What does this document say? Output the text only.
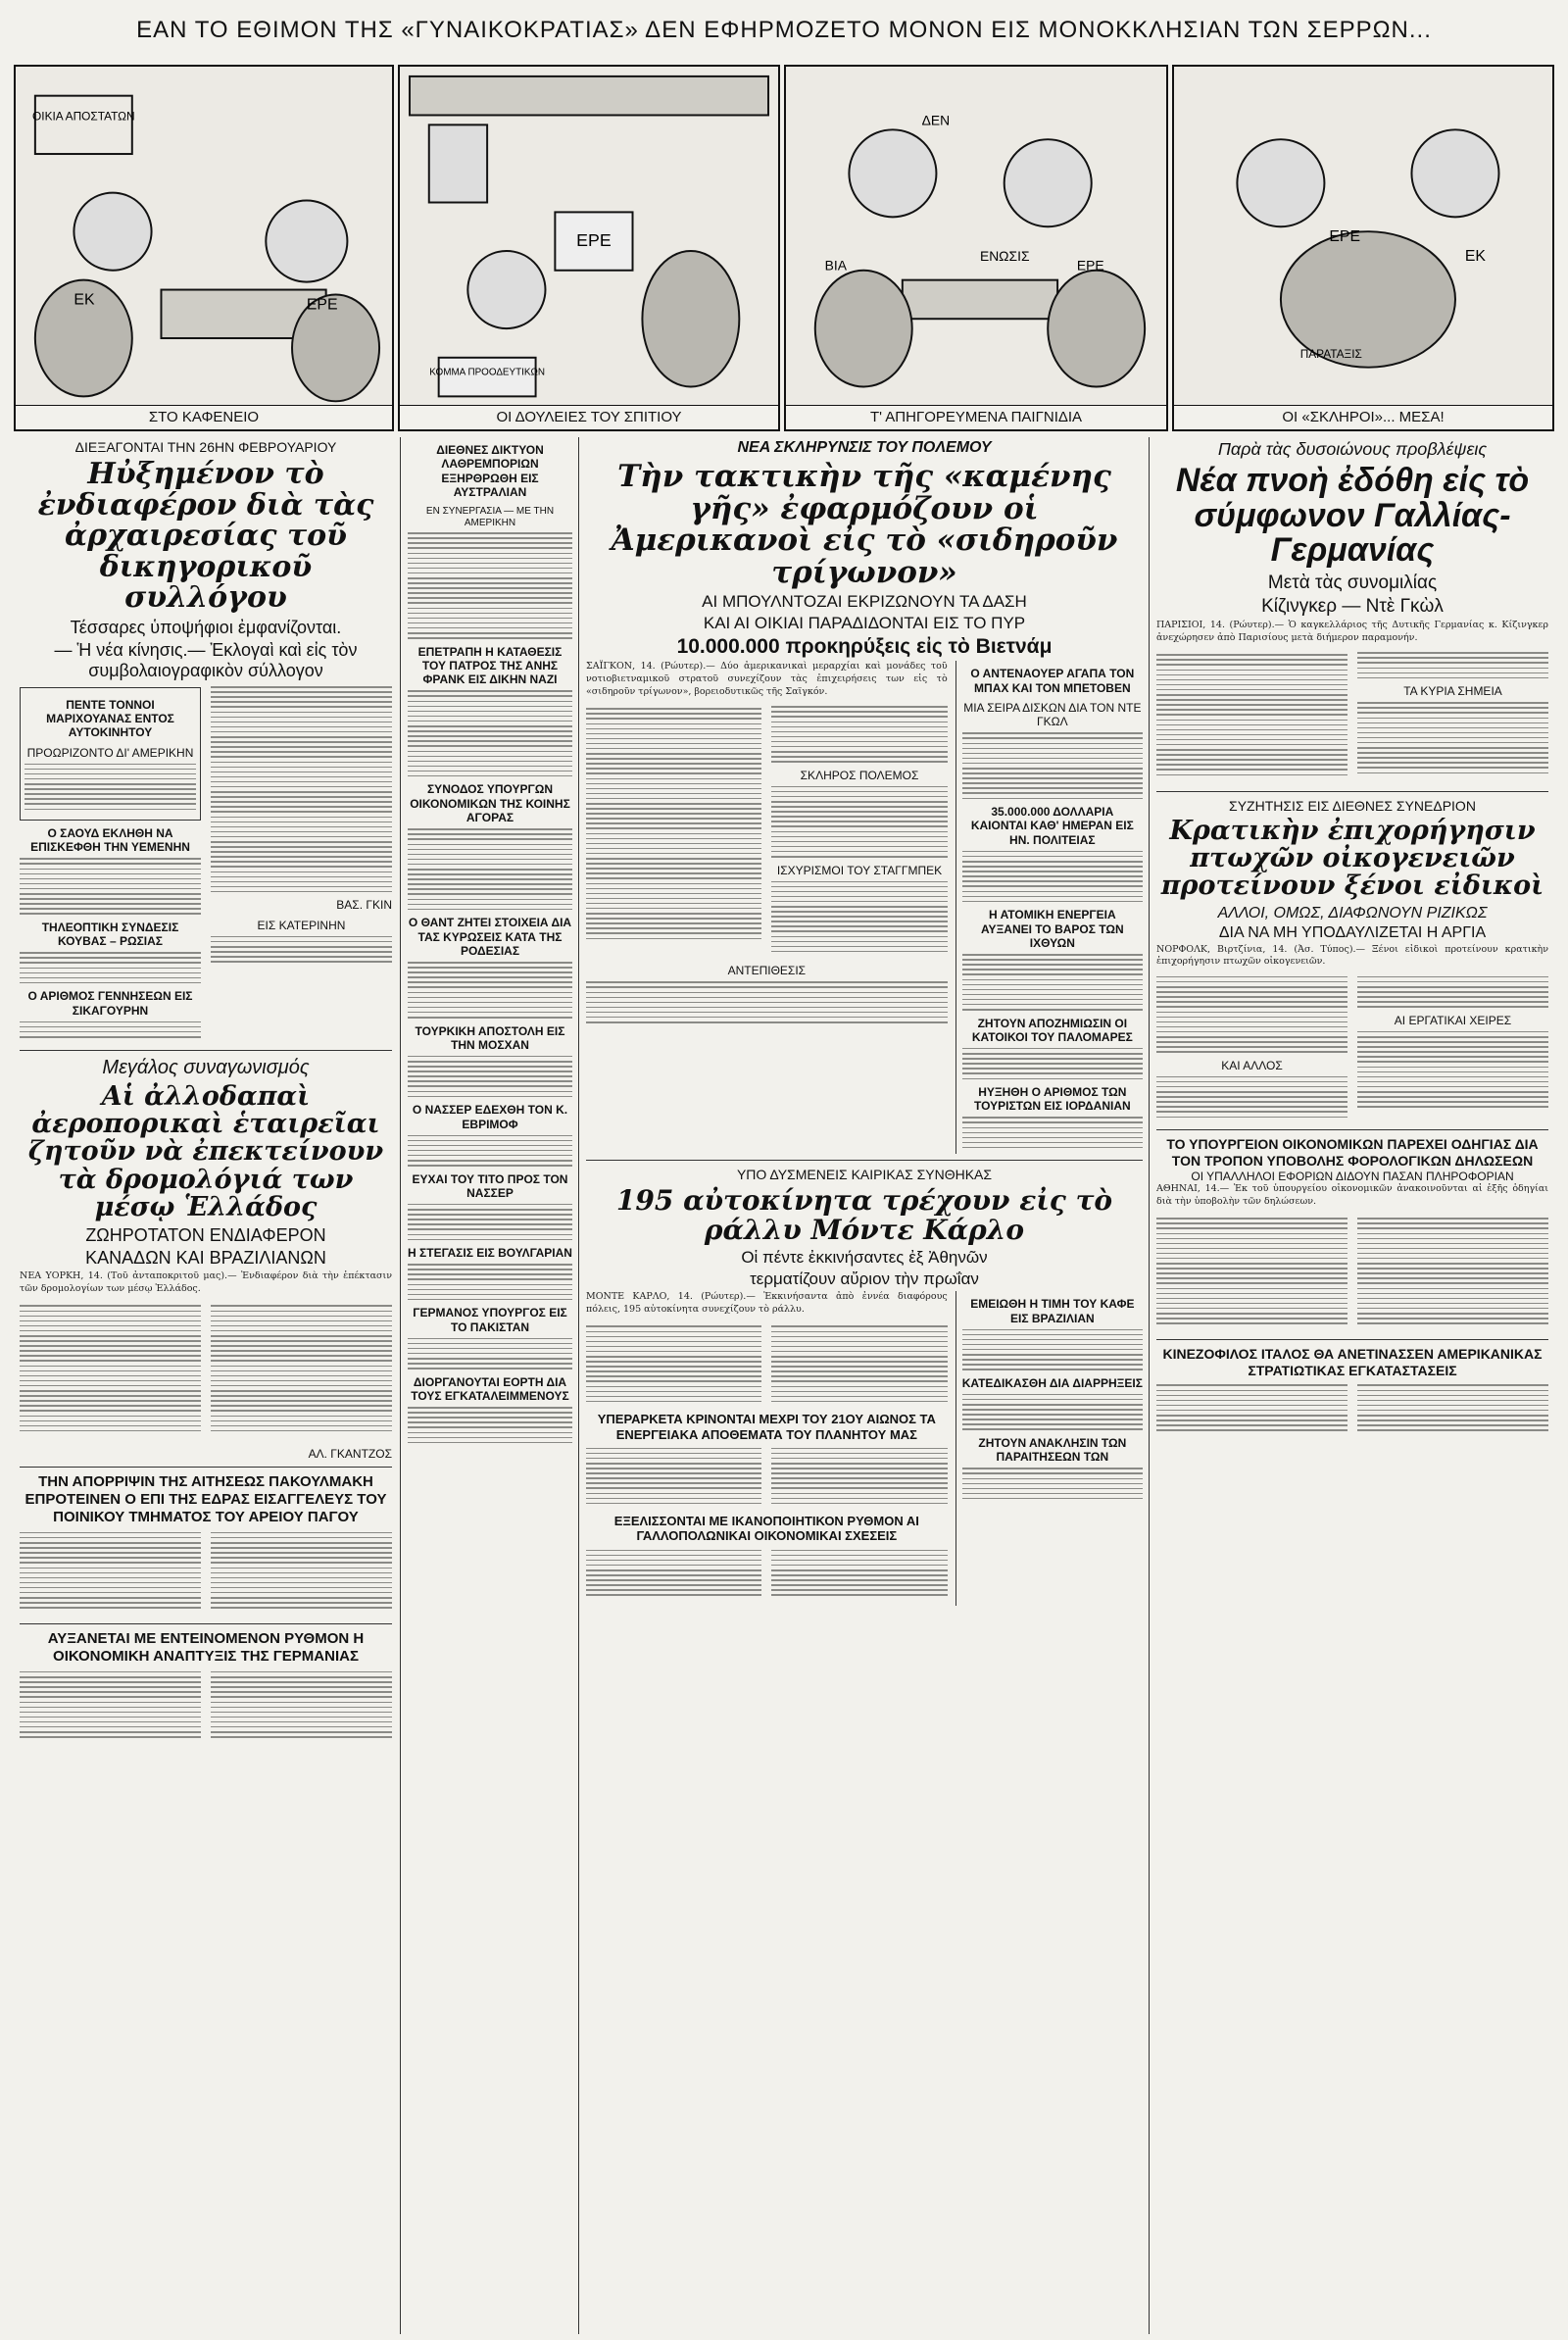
ΕΑΝ ΤΟ ΕΘΙΜΟΝ ΤΗΣ «ΓΥΝΑΙΚΟΚΡΑΤΙΑΣ» ΔΕΝ ΕΦΗΡΜΟΖΕΤΟ ΜΟΝΟΝ ΕΙΣ ΜΟΝΟΚΚΛΗΣΙΑΝ ΤΩΝ ΣΕΡΡΩΝ...
ΟΙΚΙΑ ΑΠΟΣΤΑΤΩΝ
ΕΚ	ΕΡΕ
ΣΤΟ ΚΑΦΕΝΕΙΟ
ΕΡΕ
ΚΟΜΜΑ ΠΡΟΟΔΕΥΤΙΚΩΝ
ΟΙ ΔΟΥΛΕΙΕΣ ΤΟΥ ΣΠΙΤΙΟΥ
ΔΕΝ
ΕΝΩΣΙΣ
ΕΡΕ
ΒΙΑ
Τ' ΑΠΗΓΟΡΕΥΜΕΝΑ ΠΑΙΓΝΙΔΙΑ
ΕΡΕ
ΕΚ
ΠΑΡΑΤΑΞΙΣ
ΟΙ «ΣΚΛΗΡΟΙ»... ΜΕΣΑ!
ΔΙΕΞΑΓΟΝΤΑΙ ΤΗΝ 26ΗΝ ΦΕΒΡΟΥΑΡΙΟΥ
Ηὐξημένον τὸ ἐνδιαφέρον διὰ τὰς ἀρχαιρεσίας τοῦ δικηγορικοῦ συλλόγου
Τέσσαρες ὑποψήφιοι ἐμφανίζονται.
— Ἡ νέα κίνησις.— Ἐκλογαὶ καὶ εἰς τὸν συμβολαιογραφικὸν σύλλογον
ΠΕΝΤΕ ΤΟΝΝΟΙ ΜΑΡΙΧΟΥΑΝΑΣ ΕΝΤΟΣ ΑΥΤΟΚΙΝΗΤΟΥ
ΠΡΟΩΡΙΖΟΝΤΟ ΔΙ' ΑΜΕΡΙΚΗΝ
Ο ΣΑΟΥΔ ΕΚΛΗΘΗ ΝΑ ΕΠΙΣΚΕΦΘΗ ΤΗΝ ΥΕΜΕΝΗΝ
ΤΗΛΕΟΠΤΙΚΗ ΣΥΝΔΕΣΙΣ ΚΟΥΒΑΣ – ΡΩΣΙΑΣ
Ο ΑΡΙΘΜΟΣ ΓΕΝΝΗΣΕΩΝ ΕΙΣ ΣΙΚΑΓΟΥΡΗΝ
ΒΑΣ. ΓΚΙΝ
ΕΙΣ ΚΑΤΕΡΙΝΗΝ
Μεγάλος συναγωνισμός
Αἱ ἀλλοδαπαὶ ἀεροπορικαὶ ἑταιρεῖαι ζητοῦν νὰ ἐπεκτείνουν τὰ δρομολόγιά των μέσῳ Ἑλλάδος
ΖΩΗΡΟΤΑΤΟΝ ΕΝΔΙΑΦΕΡΟΝ
ΚΑΝΑΔΩΝ ΚΑΙ ΒΡΑΖΙΛΙΑΝΩΝ

ΝΕΑ ΥΟΡΚΗ, 14. (Τοῦ ἀνταποκριτοῦ μας).— Ἐνδιαφέρον διὰ τὴν ἐπέκτασιν τῶν δρομολογίων των μέσῳ Ἑλλάδος.

ΑΛ. ΓΚΑΝΤΖΟΣ
ΤΗΝ ΑΠΟΡΡΙΨΙΝ ΤΗΣ ΑΙΤΗΣΕΩΣ ΠΑΚΟΥΛΜΑΚΗ ΕΠΡΟΤΕΙΝΕΝ Ο ΕΠΙ ΤΗΣ ΕΔΡΑΣ ΕΙΣΑΓΓΕΛΕΥΣ ΤΟΥ ΠΟΙΝΙΚΟΥ ΤΜΗΜΑΤΟΣ ΤΟΥ ΑΡΕΙΟΥ ΠΑΓΟΥ
ΑΥΞΑΝΕΤΑΙ ΜΕ ΕΝΤΕΙΝΟΜΕΝΟΝ ΡΥΘΜΟΝ Η ΟΙΚΟΝΟΜΙΚΗ ΑΝΑΠΤΥΞΙΣ ΤΗΣ ΓΕΡΜΑΝΙΑΣ
ΔΙΕΘΝΕΣ ΔΙΚΤΥΟΝ ΛΑΘΡΕΜΠΟΡΙΩΝ ΕΞΗΡΘΡΩΘΗ ΕΙΣ ΑΥΣΤΡΑΛΙΑΝ
ΕΝ ΣΥΝΕΡΓΑΣΙΑ — ΜΕ ΤΗΝ ΑΜΕΡΙΚΗΝ
ΕΠΕΤΡΑΠΗ Η ΚΑΤΑΘΕΣΙΣ ΤΟΥ ΠΑΤΡΟΣ ΤΗΣ ΑΝΗΣ ΦΡΑΝΚ ΕΙΣ ΔΙΚΗΝ ΝΑΖΙ
ΣΥΝΟΔΟΣ ΥΠΟΥΡΓΩΝ ΟΙΚΟΝΟΜΙΚΩΝ ΤΗΣ ΚΟΙΝΗΣ ΑΓΟΡΑΣ
Ο ΘΑΝΤ ΖΗΤΕΙ ΣΤΟΙΧΕΙΑ ΔΙΑ ΤΑΣ ΚΥΡΩΣΕΙΣ ΚΑΤΑ ΤΗΣ ΡΟΔΕΣΙΑΣ
ΤΟΥΡΚΙΚΗ ΑΠΟΣΤΟΛΗ ΕΙΣ ΤΗΝ ΜΟΣΧΑΝ
Ο ΝΑΣΣΕΡ ΕΔΕΧΘΗ ΤΟΝ Κ. ΕΒΡΙΜΟΦ
ΕΥΧΑΙ ΤΟΥ ΤΙΤΟ ΠΡΟΣ ΤΟΝ ΝΑΣΣΕΡ
Η ΣΤΕΓΑΣΙΣ ΕΙΣ ΒΟΥΛΓΑΡΙΑΝ
ΓΕΡΜΑΝΟΣ ΥΠΟΥΡΓΟΣ ΕΙΣ ΤΟ ΠΑΚΙΣΤΑΝ
ΔΙΟΡΓΑΝΟΥΤΑΙ ΕΟΡΤΗ ΔΙΑ ΤΟΥΣ ΕΓΚΑΤΑΛΕΙΜΜΕΝΟΥΣ
ΝΕΑ ΣΚΛΗΡΥΝΣΙΣ ΤΟΥ ΠΟΛΕΜΟΥ
Τὴν τακτικὴν τῆς «καμένης γῆς» ἐφαρμόζουν οἱ Ἀμερικανοὶ εἰς τὸ «σιδηροῦν τρίγωνον»
ΑΙ ΜΠΟΥΛΝΤΟΖΑΙ ΕΚΡΙΖΩΝΟΥΝ ΤΑ ΔΑΣΗ
ΚΑΙ ΑΙ ΟΙΚΙΑΙ ΠΑΡΑΔΙΔΟΝΤΑΙ ΕΙΣ ΤΟ ΠΥΡ
10.000.000 προκηρύξεις εἰς τὸ Βιετνάμ

ΣΑΪΓΚΟΝ, 14. (Ρώυτερ).— Δύο ἀμερικανικαὶ μεραρχίαι καὶ μονάδες τοῦ νοτιοβιετναμικοῦ στρατοῦ συνεχίζουν τὰς ἐπιχειρήσεις των εἰς τὸ «σιδηροῦν τρίγωνον», βορειοδυτικῶς τῆς Σαϊγκόν.

ΣΚΛΗΡΟΣ ΠΟΛΕΜΟΣ
ΙΣΧΥΡΙΣΜΟΙ ΤΟΥ ΣΤΑΓΓΜΠΕΚ
ΑΝΤΕΠΙΘΕΣΙΣ
Ο ΑΝΤΕΝΑΟΥΕΡ ΑΓΑΠΑ ΤΟΝ ΜΠΑΧ ΚΑΙ ΤΟΝ ΜΠΕΤΟΒΕΝ
ΜΙΑ ΣΕΙΡΑ ΔΙΣΚΩΝ ΔΙΑ ΤΟΝ ΝΤΕ ΓΚΩΛ
35.000.000 ΔΟΛΛΑΡΙΑ ΚΑΙΟΝΤΑΙ ΚΑΘ' ΗΜΕΡΑΝ ΕΙΣ ΗΝ. ΠΟΛΙΤΕΙΑΣ
Η ΑΤΟΜΙΚΗ ΕΝΕΡΓΕΙΑ ΑΥΞΑΝΕΙ ΤΟ ΒΑΡΟΣ ΤΩΝ ΙΧΘΥΩΝ
ΖΗΤΟΥΝ ΑΠΟΖΗΜΙΩΣΙΝ ΟΙ ΚΑΤΟΙΚΟΙ ΤΟΥ ΠΑΛΟΜΑΡΕΣ
ΗΥΞΗΘΗ Ο ΑΡΙΘΜΟΣ ΤΩΝ ΤΟΥΡΙΣΤΩΝ ΕΙΣ ΙΟΡΔΑΝΙΑΝ
ΥΠΟ ΔΥΣΜΕΝΕΙΣ ΚΑΙΡΙΚΑΣ ΣΥΝΘΗΚΑΣ
195 αὐτοκίνητα τρέχουν εἰς τὸ ράλλυ Μόντε Κάρλο
Οἱ πέντε ἐκκινήσαντες ἐξ Ἀθηνῶν
τερματίζουν αὔριον τὴν πρωΐαν

ΜΟΝΤΕ ΚΑΡΛΟ, 14. (Ρώυτερ).— Ἐκκινήσαντα ἀπὸ ἐννέα διαφόρους πόλεις, 195 αὐτοκίνητα συνεχίζουν τὸ ράλλυ.

ΥΠΕΡΑΡΚΕΤΑ ΚΡΙΝΟΝΤΑΙ ΜΕΧΡΙ ΤΟΥ 21ΟΥ ΑΙΩΝΟΣ ΤΑ ΕΝΕΡΓΕΙΑΚΑ ΑΠΟΘΕΜΑΤΑ ΤΟΥ ΠΛΑΝΗΤΟΥ ΜΑΣ
ΕΞΕΛΙΣΣΟΝΤΑΙ ΜΕ ΙΚΑΝΟΠΟΙΗΤΙΚΟΝ ΡΥΘΜΟΝ ΑΙ ΓΑΛΛΟΠΟΛΩΝΙΚΑΙ ΟΙΚΟΝΟΜΙΚΑΙ ΣΧΕΣΕΙΣ
ΕΜΕΙΩΘΗ Η ΤΙΜΗ ΤΟΥ ΚΑΦΕ ΕΙΣ ΒΡΑΖΙΛΙΑΝ
ΚΑΤΕΔΙΚΑΣΘΗ ΔΙΑ ΔΙΑΡΡΗΞΕΙΣ
ΖΗΤΟΥΝ ΑΝΑΚΛΗΣΙΝ ΤΩΝ ΠΑΡΑΙΤΗΣΕΩΝ ΤΩΝ
Παρὰ τὰς δυσοιώνους προβλέψεις
Νέα πνοὴ ἐδόθη εἰς τὸ σύμφωνον Γαλλίας-Γερμανίας
Μετὰ τὰς συνομιλίας
Κίζινγκερ — Ντὲ Γκὼλ

ΠΑΡΙΣΙΟΙ, 14. (Ρώυτερ).— Ὁ καγκελλάριος τῆς Δυτικῆς Γερμανίας κ. Κίζινγκερ ἀνεχώρησεν ἀπὸ Παρισίους μετὰ διήμερον παραμονήν.

ΤΑ ΚΥΡΙΑ ΣΗΜΕΙΑ
ΣΥΖΗΤΗΣΙΣ ΕΙΣ ΔΙΕΘΝΕΣ ΣΥΝΕΔΡΙΟΝ
Κρατικὴν ἐπιχορήγησιν πτωχῶν οἰκογενειῶν προτείνουν ξένοι εἰδικοὶ
ΑΛΛΟΙ, ΟΜΩΣ, ΔΙΑΦΩΝΟΥΝ ΡΙΖΙΚΩΣ
ΔΙΑ ΝΑ ΜΗ ΥΠΟΔΑΥΛΙΖΕΤΑΙ Η ΑΡΓΙΑ

ΝΟΡΦΟΛΚ, Βιρτζίνια, 14. (Ἀσ. Τύπος).— Ξένοι εἰδικοὶ προτείνουν κρατικὴν ἐπιχορήγησιν πτωχῶν οἰκογενειῶν.

ΚΑΙ ΑΛΛΟΣ
ΑΙ ΕΡΓΑΤΙΚΑΙ ΧΕΙΡΕΣ
ΤΟ ΥΠΟΥΡΓΕΙΟΝ ΟΙΚΟΝΟΜΙΚΩΝ ΠΑΡΕΧΕΙ ΟΔΗΓΙΑΣ ΔΙΑ ΤΟΝ ΤΡΟΠΟΝ ΥΠΟΒΟΛΗΣ ΦΟΡΟΛΟΓΙΚΩΝ ΔΗΛΩΣΕΩΝ
ΟΙ ΥΠΑΛΛΗΛΟΙ ΕΦΟΡΙΩΝ ΔΙΔΟΥΝ ΠΑΣΑΝ ΠΛΗΡΟΦΟΡΙΑΝ

ΑΘΗΝΑΙ, 14.— Ἐκ τοῦ ὑπουργείου οἰκονομικῶν ἀνακοινοῦνται αἱ ἑξῆς ὁδηγίαι διὰ τὴν ὑποβολὴν τῶν δηλώσεων.

ΚΙΝΕΖΟΦΙΛΟΣ ΙΤΑΛΟΣ ΘΑ ΑΝΕΤΙΝΑΣΣΕΝ ΑΜΕΡΙΚΑΝΙΚΑΣ ΣΤΡΑΤΙΩΤΙΚΑΣ ΕΓΚΑΤΑΣΤΑΣΕΙΣ
